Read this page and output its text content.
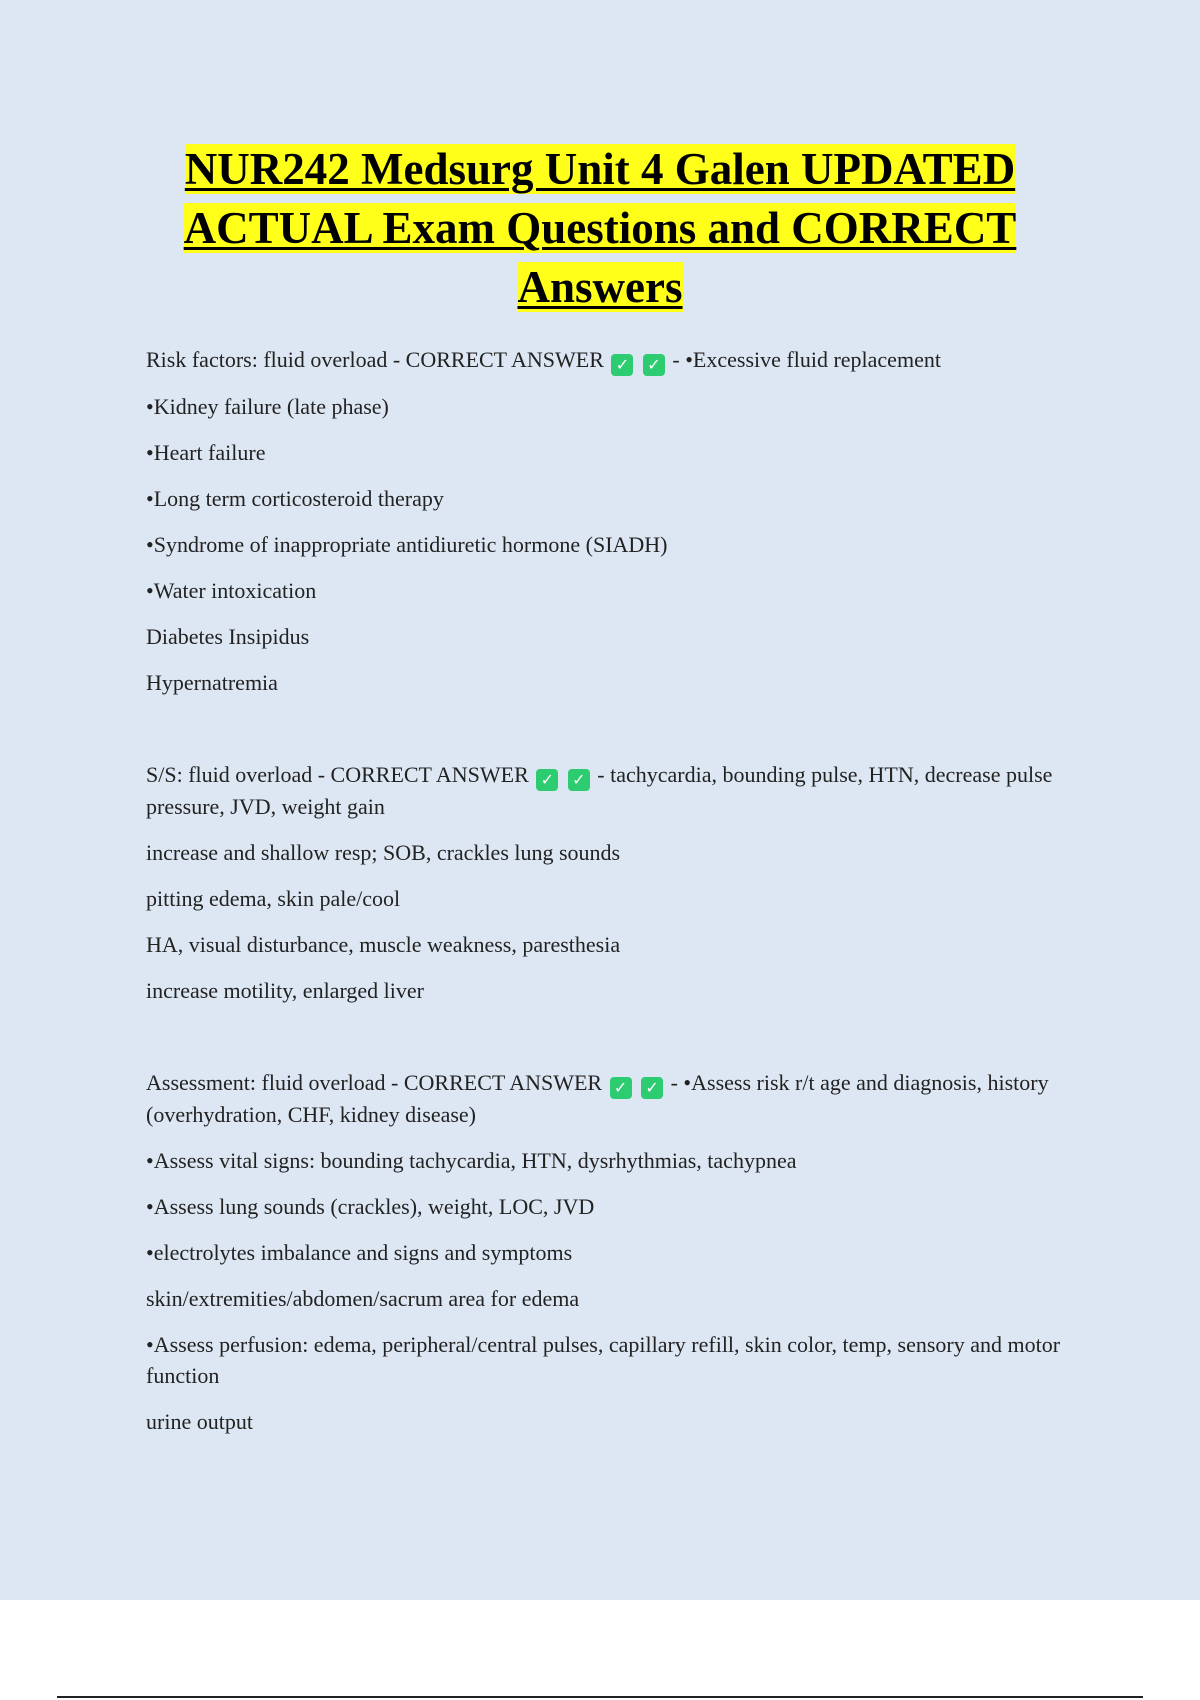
NUR242 Medsurg Unit 4 Galen UPDATED ACTUAL Exam Questions and CORRECT Answers

Risk factors: fluid overload - CORRECT ANSWER ✓ ✓ - •Excessive fluid replacement

•Kidney failure (late phase)

•Heart failure

•Long term corticosteroid therapy

•Syndrome of inappropriate antidiuretic hormone (SIADH)

•Water intoxication

Diabetes Insipidus

Hypernatremia

S/S: fluid overload - CORRECT ANSWER ✓ ✓ - tachycardia, bounding pulse, HTN, decrease pulse pressure, JVD, weight gain

increase and shallow resp; SOB, crackles lung sounds

pitting edema, skin pale/cool

HA, visual disturbance, muscle weakness, paresthesia

increase motility, enlarged liver

Assessment: fluid overload - CORRECT ANSWER ✓ ✓ - •Assess risk r/t age and diagnosis, history (overhydration, CHF, kidney disease)

•Assess vital signs: bounding tachycardia, HTN, dysrhythmias, tachypnea

•Assess lung sounds (crackles), weight, LOC, JVD

•electrolytes imbalance and signs and symptoms

skin/extremities/abdomen/sacrum area for edema

•Assess perfusion: edema, peripheral/central pulses, capillary refill, skin color, temp, sensory and motor function

urine output
